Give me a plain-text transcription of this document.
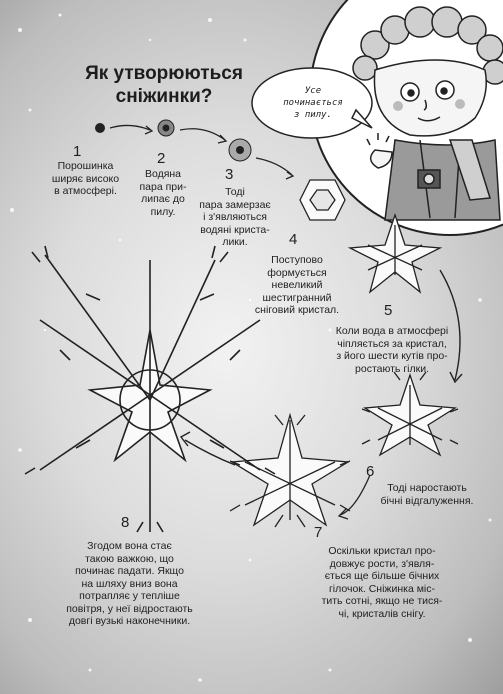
Як утворюються
сніжинки?	Усе
починається
з пилу.
1
Порошинка
ширяє високо
в атмосфері.
2
Водяна
пара при-
липає до
пилу.
3
Тоді
пара замерзає
і з'являються
водяні криста-
лики.	4
Поступово
формується
невеликий
шестигранний
сніговий кристал.	5
Коли вода в атмосфері
чіпляється за кристал,
з його шести кутів про-
ростають гілки.
6
Тоді наростають
бічні відгалуження.
7
Оскільки кристал про-
довжує рости, з'явля-
ється ще більше бічних
гілочок. Сніжинка міс-
тить сотні, якщо не тися-
чі, кристалів снігу.
8
Згодом вона стає
такою важкою, що
починає падати. Якщо
на шляху вниз вона
потрапляє у тепліше
повітря, у неї відростають
довгі вузькі наконечники.
